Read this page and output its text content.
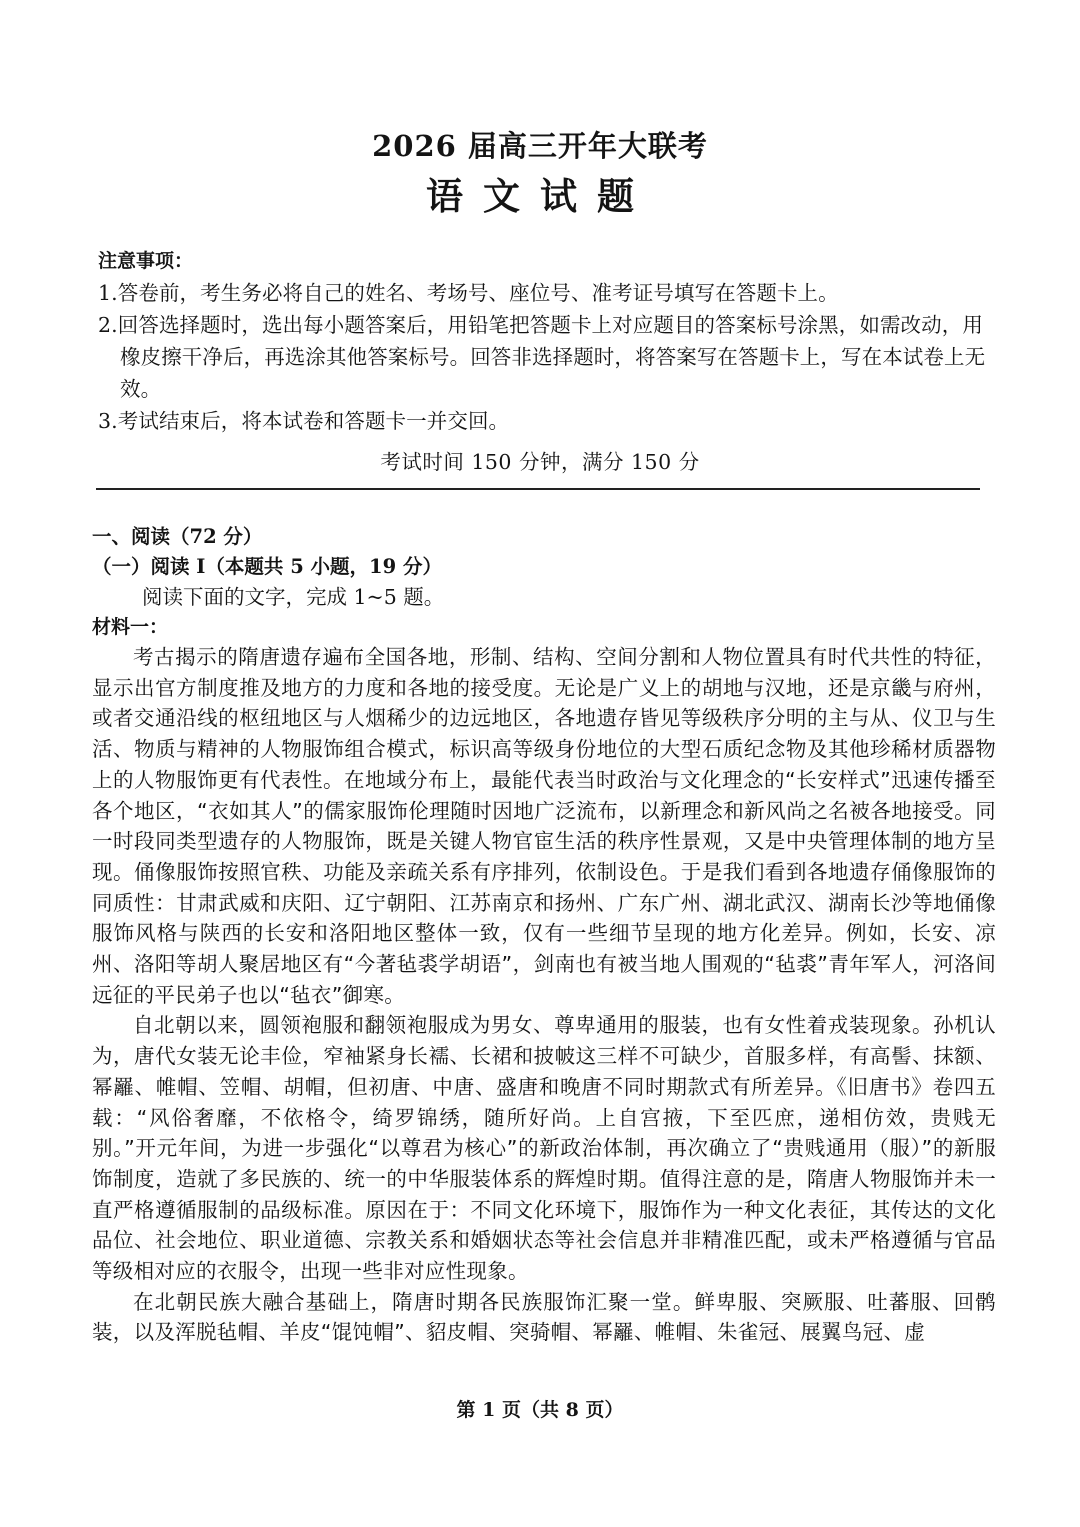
2026 届高三开年大联考
语文试题
注意事项：
1.答卷前，考生务必将自己的姓名、考场号、座位号、准考证号填写在答题卡上。
2.回答选择题时，选出每小题答案后，用铅笔把答题卡上对应题目的答案标号涂黑，如需改动，用橡皮擦干净后，再选涂其他答案标号。回答非选择题时，将答案写在答题卡上，写在本试卷上无效。
3.考试结束后，将本试卷和答题卡一并交回。
考试时间 150 分钟，满分 150 分
一、阅读（72 分）
（一）阅读 I（本题共 5 小题，19 分）
阅读下面的文字，完成 1~5 题。
材料一：

考古揭示的隋唐遗存遍布全国各地，形制、结构、空间分割和人物位置具有时代共性的特征，显示出官方制度推及地方的力度和各地的接受度。无论是广义上的胡地与汉地，还是京畿与府州，或者交通沿线的枢纽地区与人烟稀少的边远地区，各地遗存皆见等级秩序分明的主与从、仪卫与生活、物质与精神的人物服饰组合模式，标识高等级身份地位的大型石质纪念物及其他珍稀材质器物上的人物服饰更有代表性。在地域分布上，最能代表当时政治与文化理念的“长安样式”迅速传播至各个地区，“衣如其人”的儒家服饰伦理随时因地广泛流布，以新理念和新风尚之名被各地接受。同一时段同类型遗存的人物服饰，既是关键人物官宦生活的秩序性景观，又是中央管理体制的地方呈现。俑像服饰按照官秩、功能及亲疏关系有序排列，依制设色。于是我们看到各地遗存俑像服饰的同质性：甘肃武威和庆阳、辽宁朝阳、江苏南京和扬州、广东广州、湖北武汉、湖南长沙等地俑像服饰风格与陕西的长安和洛阳地区整体一致，仅有一些细节呈现的地方化差异。例如，长安、凉州、洛阳等胡人聚居地区有“今著毡裘学胡语”，剑南也有被当地人围观的“毡裘”青年军人，河洛间远征的平民弟子也以“毡衣”御寒。

自北朝以来，圆领袍服和翻领袍服成为男女、尊卑通用的服装，也有女性着戎装现象。孙机认为，唐代女装无论丰俭，窄袖紧身长襦、长裙和披帔这三样不可缺少，首服多样，有高髻、抹额、幂䍦、帷帽、笠帽、胡帽，但初唐、中唐、盛唐和晚唐不同时期款式有所差异。《旧唐书》卷四五载：“风俗奢靡，不依格令，绮罗锦绣，随所好尚。上自宫掖，下至匹庶，递相仿效，贵贱无别。”开元年间，为进一步强化“以尊君为核心”的新政治体制，再次确立了“贵贱通用（服）”的新服饰制度，造就了多民族的、统一的中华服装体系的辉煌时期。值得注意的是，隋唐人物服饰并未一直严格遵循服制的品级标准。原因在于：不同文化环境下，服饰作为一种文化表征，其传达的文化品位、社会地位、职业道德、宗教关系和婚姻状态等社会信息并非精准匹配，或未严格遵循与官品等级相对应的衣服令，出现一些非对应性现象。

在北朝民族大融合基础上，隋唐时期各民族服饰汇聚一堂。鲜卑服、突厥服、吐蕃服、回鹘装，以及浑脱毡帽、羊皮“馄饨帽”、貂皮帽、突骑帽、幂䍦、帷帽、朱雀冠、展翼鸟冠、虚

第 1 页（共 8 页）
